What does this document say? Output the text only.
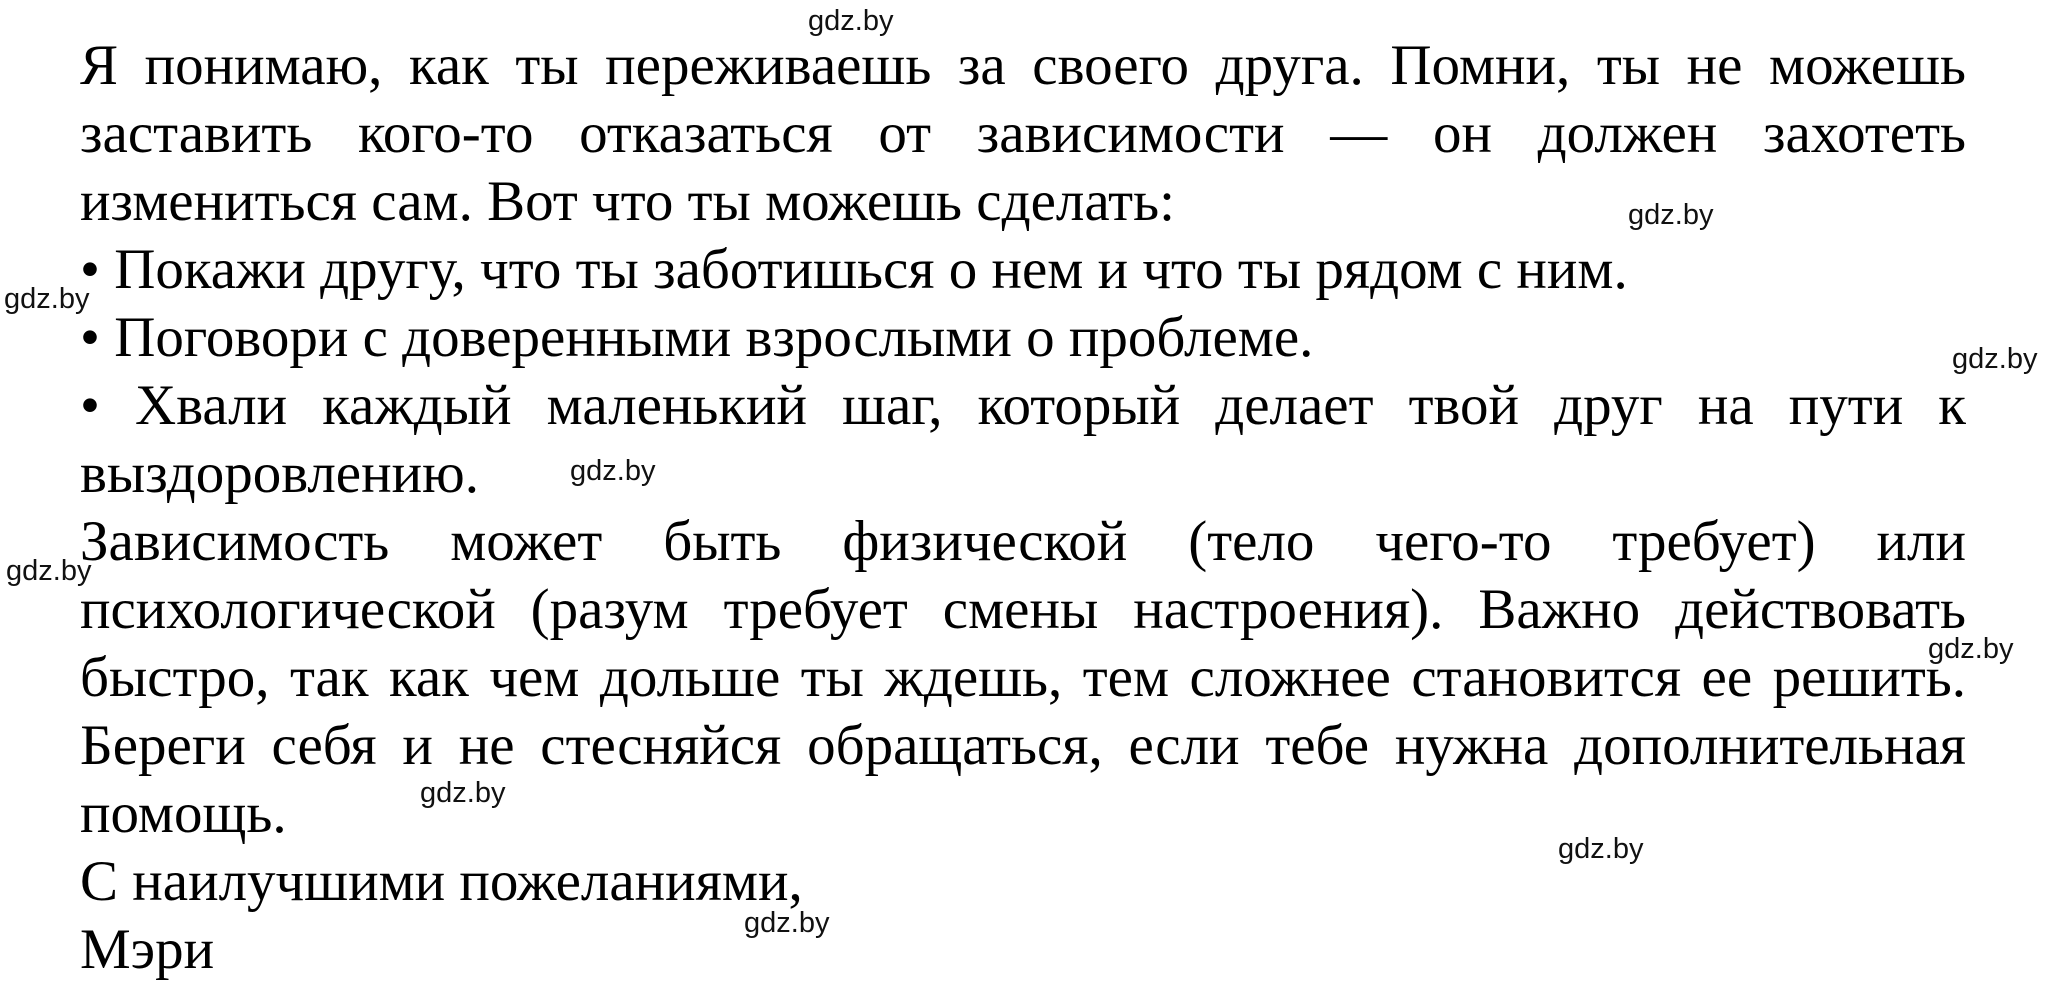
Я понимаю, как ты переживаешь за своего друга. Помни, ты не можешь
заставить кого-то отказаться от зависимости — он должен захотеть
измениться сам. Вот что ты можешь сделать:
• Покажи другу, что ты заботишься о нем и что ты рядом с ним.
• Поговори с доверенными взрослыми о проблеме.
• Хвали каждый маленький шаг, который делает твой друг на пути к
выздоровлению.
Зависимость может быть физической (тело чего-то требует) или
психологической (разум требует смены настроения). Важно действовать
быстро, так как чем дольше ты ждешь, тем сложнее становится ее решить.
Береги себя и не стесняйся обращаться, если тебе нужна дополнительная
помощь.
С наилучшими пожеланиями,
Мэри
gdz.by
gdz.by
gdz.by
gdz.by
gdz.by
gdz.by
gdz.by
gdz.by
gdz.by
gdz.by
